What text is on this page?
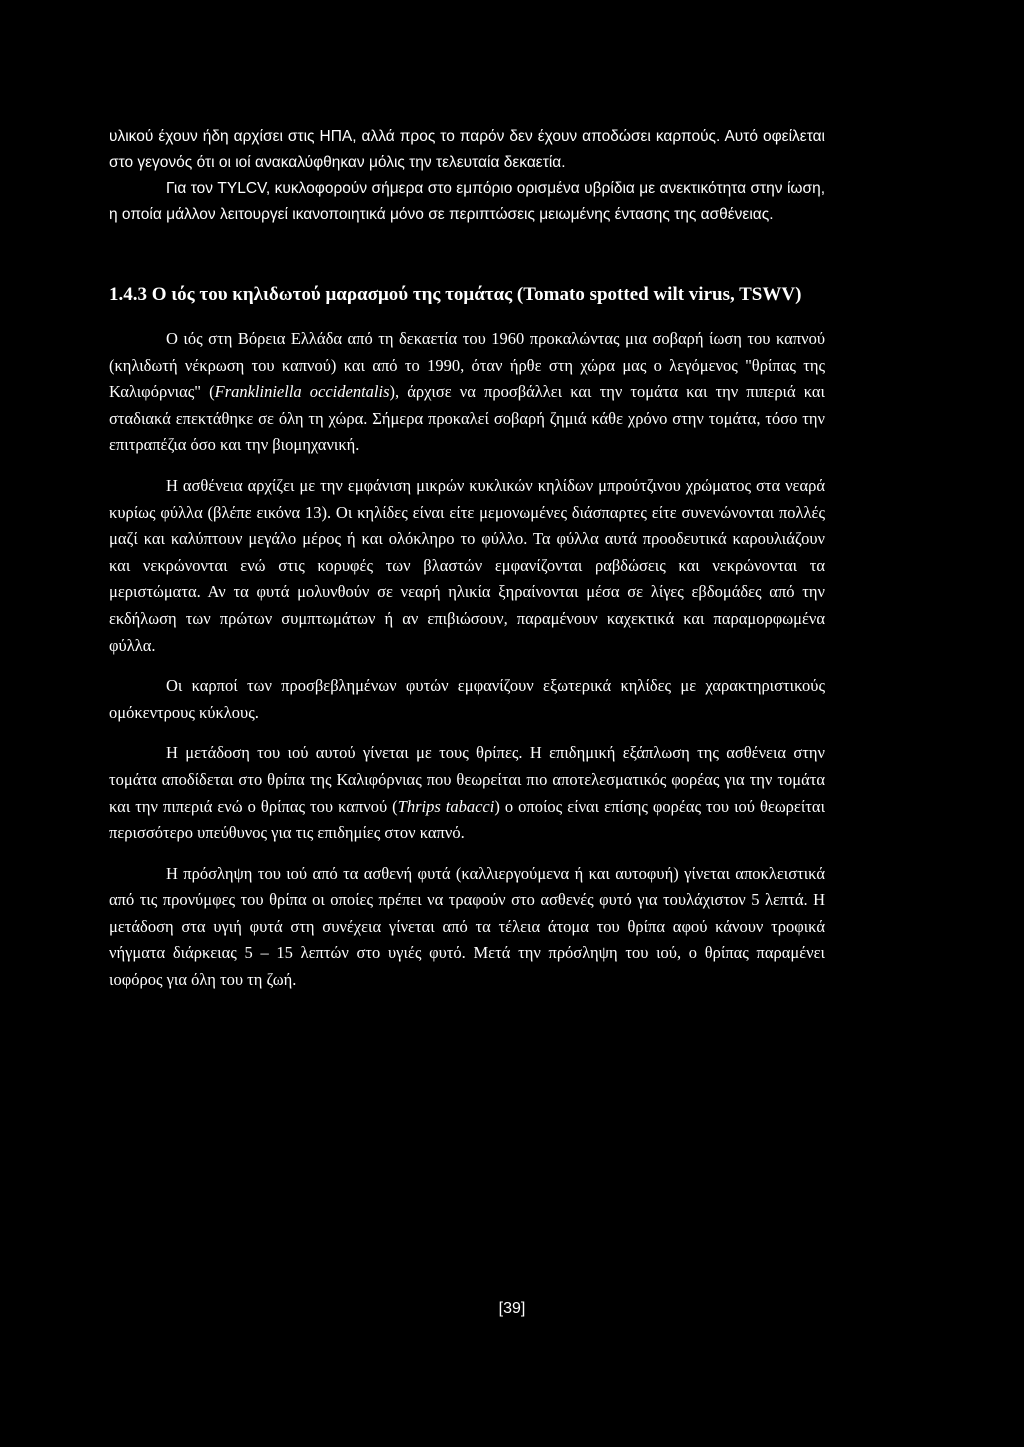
υλικού έχουν ήδη αρχίσει στις ΗΠΑ, αλλά προς το παρόν δεν έχουν αποδώσει καρπούς. Αυτό οφείλεται στο γεγονός ότι οι ιοί ανακαλύφθηκαν μόλις την τελευταία δεκαετία.

Για τον TYLCV, κυκλοφορούν σήμερα στο εμπόριο ορισμένα υβρίδια με ανεκτικότητα στην ίωση, η οποία μάλλον λειτουργεί ικανοποιητικά μόνο σε περιπτώσεις μειωμένης έντασης της ασθένειας.

1.4.3 Ο ιός του κηλιδωτού μαρασμού της τομάτας (Tomato spotted wilt virus, TSWV)

Ο ιός στη Βόρεια Ελλάδα από τη δεκαετία του 1960 προκαλώντας μια σοβαρή ίωση του καπνού (κηλιδωτή νέκρωση του καπνού) και από το 1990, όταν ήρθε στη χώρα μας ο λεγόμενος "θρίπας της Καλιφόρνιας" (Frankliniella occidentalis), άρχισε να προσβάλλει και την τομάτα και την πιπεριά και σταδιακά επεκτάθηκε σε όλη τη χώρα. Σήμερα προκαλεί σοβαρή ζημιά κάθε χρόνο στην τομάτα, τόσο την επιτραπέζια όσο και την βιομηχανική.

Η ασθένεια αρχίζει με την εμφάνιση μικρών κυκλικών κηλίδων μπρούτζινου χρώματος στα νεαρά κυρίως φύλλα (βλέπε εικόνα 13). Οι κηλίδες είναι είτε μεμονωμένες διάσπαρτες είτε συνενώνονται πολλές μαζί και καλύπτουν μεγάλο μέρος ή και ολόκληρο το φύλλο. Τα φύλλα αυτά προοδευτικά καρουλιάζουν και νεκρώνονται ενώ στις κορυφές των βλαστών εμφανίζονται ραβδώσεις και νεκρώνονται τα μεριστώματα. Αν τα φυτά μολυνθούν σε νεαρή ηλικία ξηραίνονται μέσα σε λίγες εβδομάδες από την εκδήλωση των πρώτων συμπτωμάτων ή αν επιβιώσουν, παραμένουν καχεκτικά και παραμορφωμένα φύλλα.

Οι καρποί των προσβεβλημένων φυτών εμφανίζουν εξωτερικά κηλίδες με χαρακτηριστικούς ομόκεντρους κύκλους.

Η μετάδοση του ιού αυτού γίνεται με τους θρίπες. Η επιδημική εξάπλωση της ασθένεια στην τομάτα αποδίδεται στο θρίπα της Καλιφόρνιας που θεωρείται πιο αποτελεσματικός φορέας για την τομάτα και την πιπεριά ενώ ο θρίπας του καπνού (Thrips tabacci) ο οποίος είναι επίσης φορέας του ιού θεωρείται περισσότερο υπεύθυνος για τις επιδημίες στον καπνό.

Η πρόσληψη του ιού από τα ασθενή φυτά (καλλιεργούμενα ή και αυτοφυή) γίνεται αποκλειστικά από τις προνύμφες του θρίπα οι οποίες πρέπει να τραφούν στο ασθενές φυτό για τουλάχιστον 5 λεπτά. Η μετάδοση στα υγιή φυτά στη συνέχεια γίνεται από τα τέλεια άτομα του θρίπα αφού κάνουν τροφικά νήγματα διάρκειας 5 – 15 λεπτών στο υγιές φυτό. Μετά την πρόσληψη του ιού, ο θρίπας παραμένει ιοφόρος για όλη του τη ζωή.

[39]
